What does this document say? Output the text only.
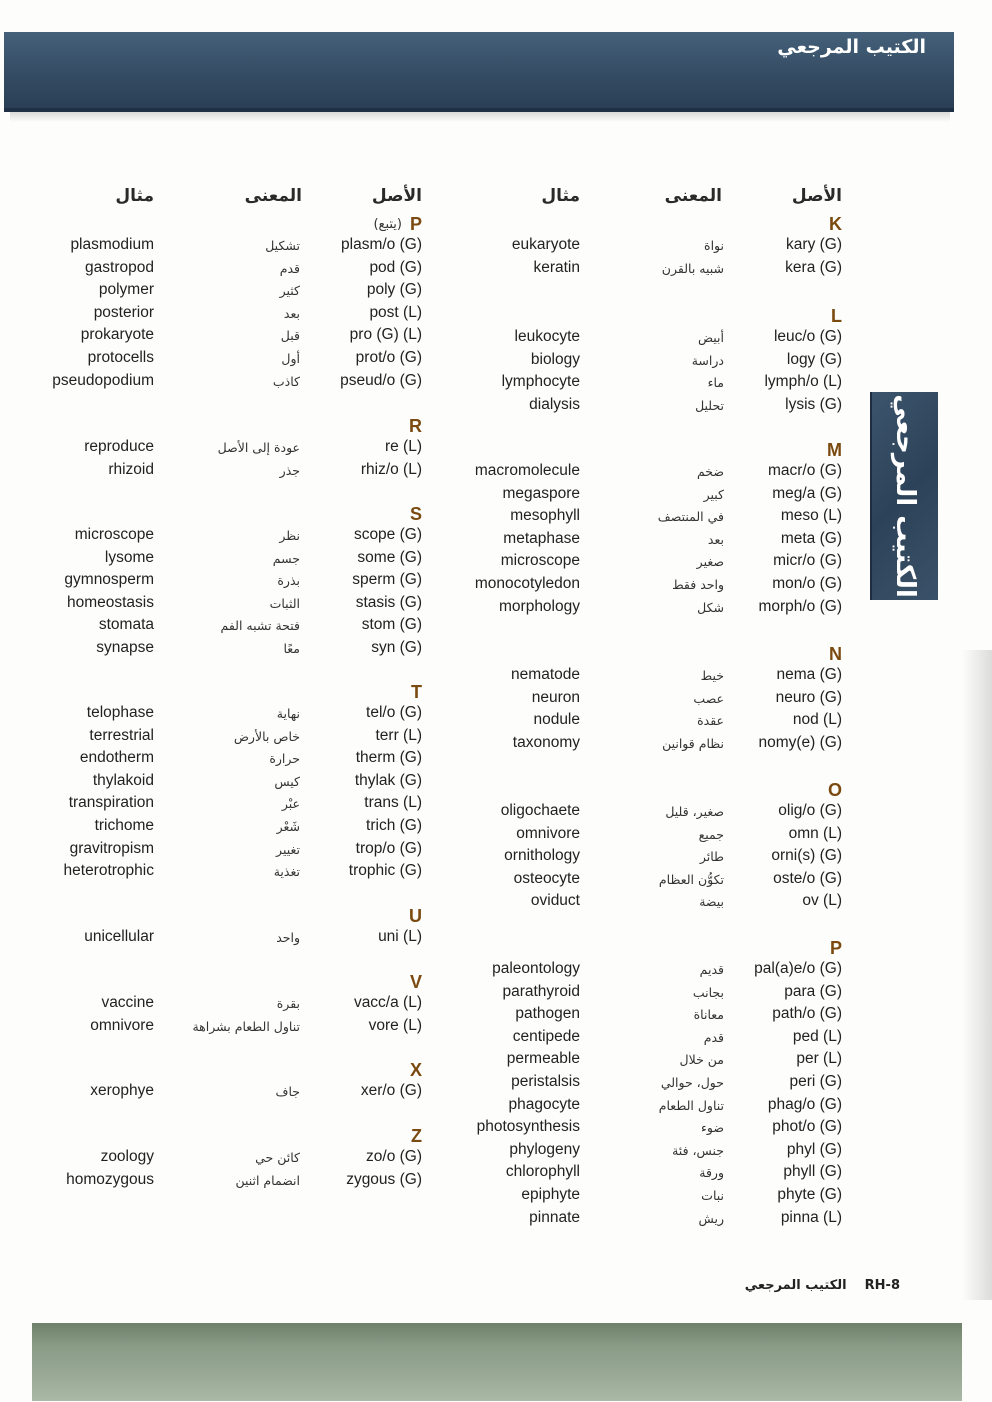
الكتيب المرجعي
الكتيب المرجعي
الأصل
المعنى
مثال
الأصل
المعنى
مثال
K
kary (G)
نواة
eukaryote
kera (G)
شبيه بالقرن
keratin
L
leuc/o (G)
أبيض
leukocyte
logy (G)
دراسة
biology
lymph/o (L)
ماء
lymphocyte
lysis (G)
تحليل
dialysis
M
macr/o (G)
ضخم
macromolecule
meg/a (G)
كبير
megaspore
meso (L)
في المنتصف
mesophyll
meta (G)
بعد
metaphase
micr/o (G)
صغير
microscope
mon/o (G)
واحد فقط
monocotyledon
morph/o (G)
شكل
morphology
N
nema (G)
خيط
nematode
neuro (G)
عصب
neuron
nod (L)
عقدة
nodule
nomy(e) (G)
نظام قوانين
taxonomy
O
olig/o (G)
صغير، قليل
oligochaete
omn (L)
جميع
omnivore
orni(s) (G)
طائر
ornithology
oste/o (G)
تكوُّن العظام
osteocyte
ov (L)
بيضة
oviduct
P
pal(a)e/o (G)
قديم
paleontology
para (G)
بجانب
parathyroid
path/o (G)
معاناة
pathogen
ped (L)
قدم
centipede
per (L)
من خلال
permeable
peri (G)
حول، حوالي
peristalsis
phag/o (G)
تناول الطعام
phagocyte
phot/o (G)
ضوء
photosynthesis
phyl (G)
جنس، فئة
phylogeny
phyll (G)
ورقة
chlorophyll
phyte (G)
نبات
epiphyte
pinna (L)
ريش
pinnate
P
(يتبع)
plasm/o (G)
تشكيل
plasmodium
pod (G)
قدم
gastropod
poly (G)
كثير
polymer
post (L)
بعد
posterior
pro (G) (L)
قبل
prokaryote
prot/o (G)
أول
protocells
pseud/o (G)
كاذب
pseudopodium
R
re (L)
عودة إلى الأصل
reproduce
rhiz/o (L)
جذر
rhizoid
S
scope (G)
نظر
microscope
some (G)
جسم
lysome
sperm (G)
بذرة
gymnosperm
stasis (G)
الثبات
homeostasis
stom (G)
فتحة تشبه الفم
stomata
syn (G)
معًا
synapse
T
tel/o (G)
نهاية
telophase
terr (L)
خاص بالأرض
terrestrial
therm (G)
حرارة
endotherm
thylak (G)
كيس
thylakoid
trans (L)
عبْر
transpiration
trich (G)
شَعْر
trichome
trop/o (G)
تغيير
gravitropism
trophic (G)
تغذية
heterotrophic
U
uni (L)
واحد
unicellular
V
vacc/a (L)
بقرة
vaccine
vore (L)
تناول الطعام بشراهة
omnivore
X
xer/o (G)
جاف
xerophye
Z
zo/o (G)
كائن حي
zoology
zygous (G)
انضمام اثنين
homozygous
الكتيب المرجعي RH-8
